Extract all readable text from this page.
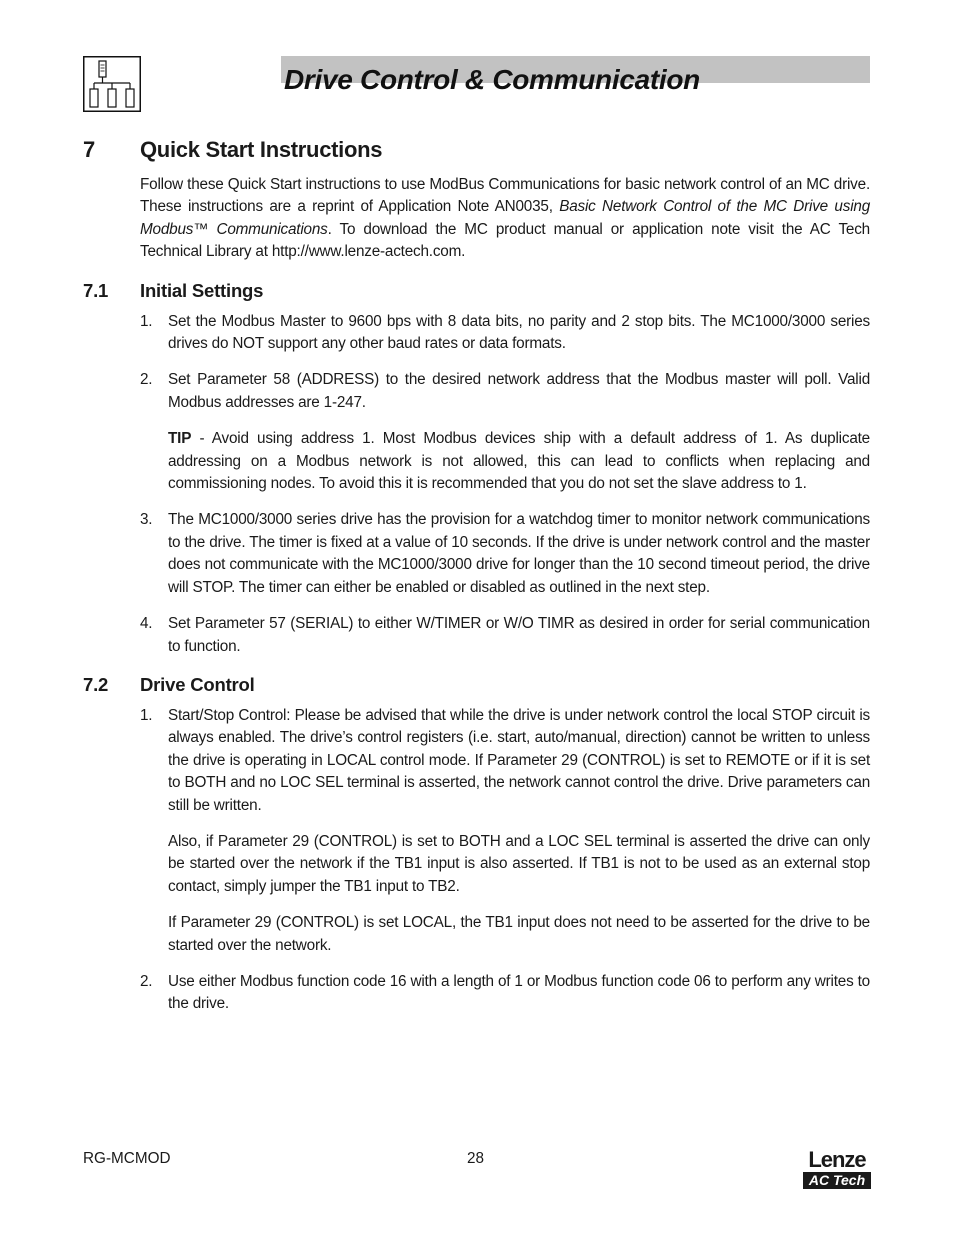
Drive Control & Communication
7	Quick Start Instructions

Follow these Quick Start instructions to use ModBus Communications for basic network control of an MC drive. These instructions are a reprint of Application Note AN0035, Basic Network Control of the MC Drive using Modbus™ Communications. To download the MC product manual or application note visit the AC Tech Technical Library at http://www.lenze-actech.com.

7.1	Initial Settings
1.	Set the Modbus Master to 9600 bps with 8 data bits, no parity and 2 stop bits. The MC1000/3000 series drives do NOT support any other baud rates or data formats.

2.	Set Parameter 58 (ADDRESS) to the desired network address that the Modbus master will poll. Valid Modbus addresses are 1-247.

TIP - Avoid using address 1. Most Modbus devices ship with a default address of 1. As duplicate addressing on a Modbus network is not allowed, this can lead to conflicts when replacing and commissioning nodes. To avoid this it is recommended that you do not set the slave address to 1.

3.	The MC1000/3000 series drive has the provision for a watchdog timer to monitor network communications to the drive. The timer is fixed at a value of 10 seconds. If the drive is under network control and the master does not communicate with the MC1000/3000 drive for longer than the 10 second timeout period, the drive will STOP. The timer can either be enabled or disabled as outlined in the next step.

4.	Set Parameter 57 (SERIAL) to either W/TIMER or W/O TIMR as desired in order for serial communication to function.

7.2	Drive Control
1.	Start/Stop Control: Please be advised that while the drive is under network control the local STOP circuit is always enabled. The drive’s control registers (i.e. start, auto/manual, direction) cannot be written to unless the drive is operating in LOCAL control mode. If Parameter 29 (CONTROL) is set to REMOTE or if it is set to BOTH and no LOC SEL terminal is asserted, the network cannot control the drive. Drive parameters can still be written.

Also, if Parameter 29 (CONTROL) is set to BOTH and a LOC SEL terminal is asserted the drive can only be started over the network if the TB1 input is also asserted. If TB1 is not to be used as an external stop contact, simply jumper the TB1 input to TB2.

If Parameter 29 (CONTROL) is set LOCAL, the TB1 input does not need to be asserted for the drive to be started over the network.

2.	Use either Modbus function code 16 with a length of 1 or Modbus function code 06 to perform any writes to the drive.

RG-MCMOD	28	Lenze
AC Tech
